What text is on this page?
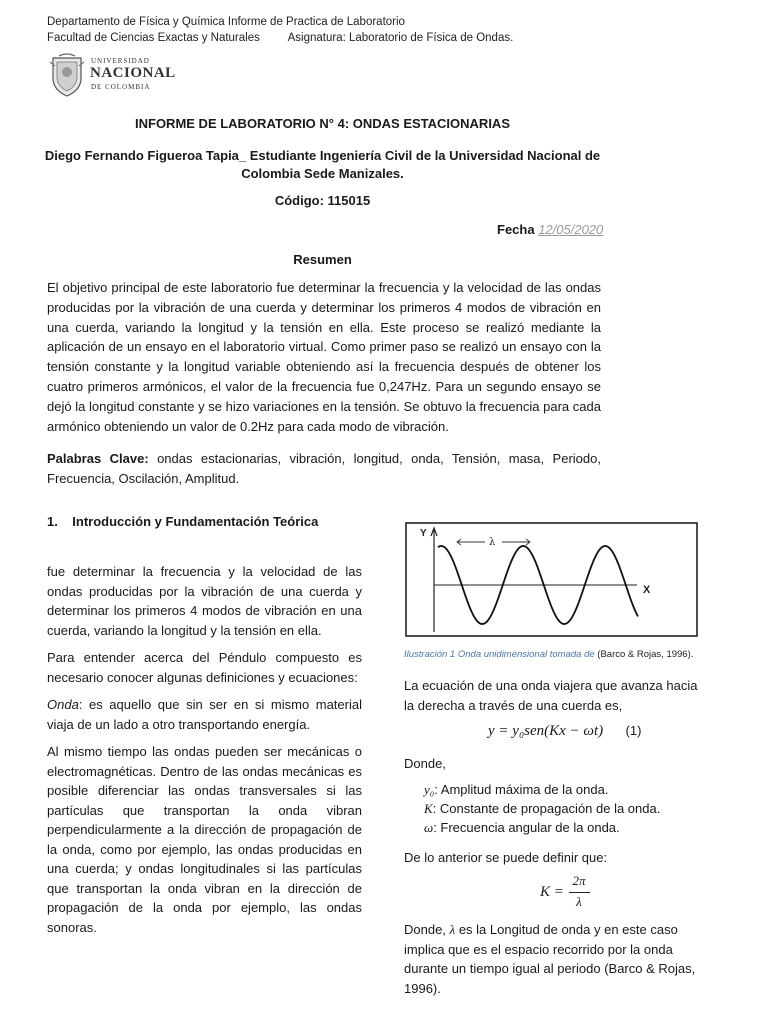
Departamento de Física y Química Informe de Practica de Laboratorio
Facultad de Ciencias Exactas y Naturales Asignatura: Laboratorio de Física de Ondas.
UNIVERSIDAD
NACIONAL
DE COLOMBIA
INFORME DE LABORATORIO N° 4: ONDAS ESTACIONARIAS
Diego Fernando Figueroa Tapia_ Estudiante Ingeniería Civil de la Universidad Nacional de
Colombia Sede Manizales.
Código: 115015
Fecha 12/05/2020
Resumen
El objetivo principal de este laboratorio fue determinar la frecuencia y la velocidad de las ondas producidas por la vibración de una cuerda y determinar los primeros 4 modos de vibración en una cuerda, variando la longitud y la tensión en ella. Este proceso se realizó mediante la aplicación de un ensayo en el laboratorio virtual. Como primer paso se realizó un ensayo con la tensión constante y la longitud variable obteniendo así la frecuencia después de obtener los cuatro primeros armónicos, el valor de la frecuencia fue 0,247Hz. Para un segundo ensayo se dejó la longitud constante y se hizo variaciones en la tensión. Se obtuvo la frecuencia para cada armónico obteniendo un valor de 0.2Hz para cada modo de vibración.
Palabras Clave: ondas estacionarias, vibración, longitud, onda, Tensión, masa, Periodo, Frecuencia, Oscilación, Amplitud.
1.    Introducción y Fundamentación Teórica
fue determinar la frecuencia y la velocidad de las ondas producidas por la vibración de una cuerda y determinar los primeros 4 modos de vibración en una cuerda, variando la longitud y la tensión en ella.
Para entender acerca del Péndulo compuesto es necesario conocer algunas definiciones y ecuaciones:
Onda: es aquello que sin ser en si mismo material viaja de un lado a otro transportando energía.
Al mismo tiempo las ondas pueden ser mecánicas o electromagnéticas. Dentro de las ondas mecánicas es posible diferenciar las ondas transversales si las partículas que transportan la onda vibran perpendicularmente a la dirección de propagación de la onda, como por ejemplo, las ondas producidas en una cuerda; y ondas longitudinales si las partículas que transportan la onda vibran en la dirección de propagación de la onda por ejemplo, las ondas sonoras.
λ
Y
X
Ilustración 1 Onda unidimensional tomada de (Barco & Rojas, 1996).
La ecuación de una onda viajera que avanza hacia la derecha a través de una cuerda es,
y = y₀sen(Kx − ωt) (1)
Donde,
y₀: Amplitud máxima de la onda.
K: Constante de propagación de la onda.
ω: Frecuencia angular de la onda.
De lo anterior se puede definir que:
K =
2π
λ
Donde, λ es la Longitud de onda y en este caso implica que es el espacio recorrido por la onda durante un tiempo igual al periodo (Barco & Rojas, 1996).
